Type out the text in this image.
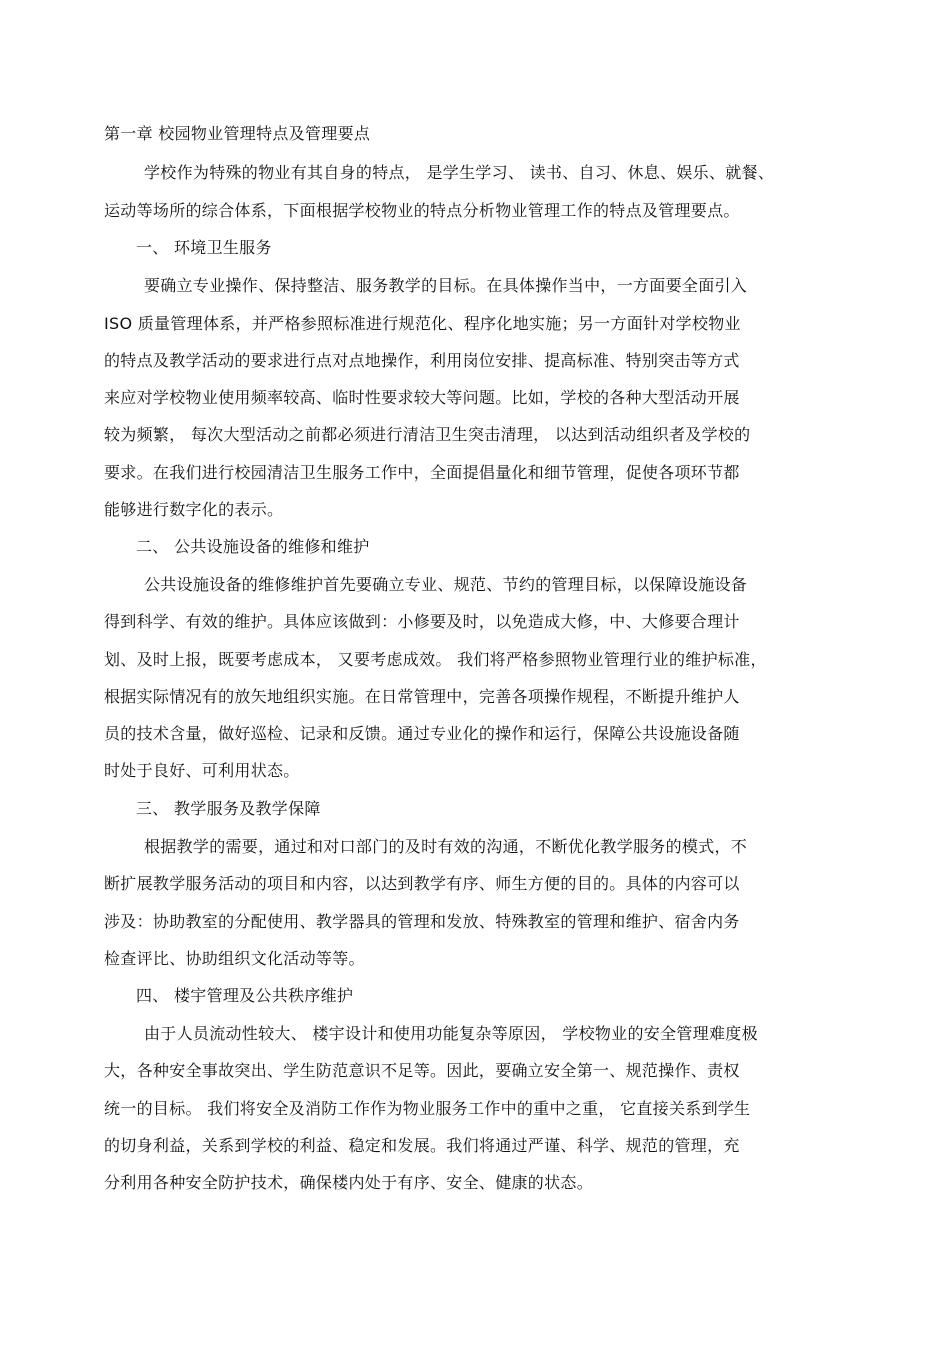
第一章 校园物业管理特点及管理要点
学校作为特殊的物业有其自身的特点， 是学生学习、 读书、自习、休息、娱乐、就餐、
运动等场所的综合体系，下面根据学校物业的特点分析物业管理工作的特点及管理要点。
一、 环境卫生服务
要确立专业操作、保持整洁、服务教学的目标。在具体操作当中，一方面要全面引入
ISO 质量管理体系，并严格参照标准进行规范化、程序化地实施；另一方面针对学校物业
的特点及教学活动的要求进行点对点地操作，利用岗位安排、提高标准、特别突击等方式
来应对学校物业使用频率较高、临时性要求较大等问题。比如，学校的各种大型活动开展
较为频繁， 每次大型活动之前都必须进行清洁卫生突击清理， 以达到活动组织者及学校的
要求。在我们进行校园清洁卫生服务工作中，全面提倡量化和细节管理，促使各项环节都
能够进行数字化的表示。
二、 公共设施设备的维修和维护
公共设施设备的维修维护首先要确立专业、规范、节约的管理目标，以保障设施设备
得到科学、有效的维护。具体应该做到：小修要及时，以免造成大修，中、大修要合理计
划、及时上报，既要考虑成本， 又要考虑成效。 我们将严格参照物业管理行业的维护标准，
根据实际情况有的放矢地组织实施。在日常管理中，完善各项操作规程，不断提升维护人
员的技术含量，做好巡检、记录和反馈。通过专业化的操作和运行，保障公共设施设备随
时处于良好、可利用状态。
三、 教学服务及教学保障
根据教学的需要，通过和对口部门的及时有效的沟通，不断优化教学服务的模式，不
断扩展教学服务活动的项目和内容，以达到教学有序、师生方便的目的。具体的内容可以
涉及：协助教室的分配使用、教学器具的管理和发放、特殊教室的管理和维护、宿舍内务
检查评比、协助组织文化活动等等。
四、 楼宇管理及公共秩序维护
由于人员流动性较大、 楼宇设计和使用功能复杂等原因， 学校物业的安全管理难度极
大，各种安全事故突出、学生防范意识不足等。因此，要确立安全第一、规范操作、责权
统一的目标。 我们将安全及消防工作作为物业服务工作中的重中之重， 它直接关系到学生
的切身利益，关系到学校的利益、稳定和发展。我们将通过严谨、科学、规范的管理，充
分利用各种安全防护技术，确保楼内处于有序、安全、健康的状态。
